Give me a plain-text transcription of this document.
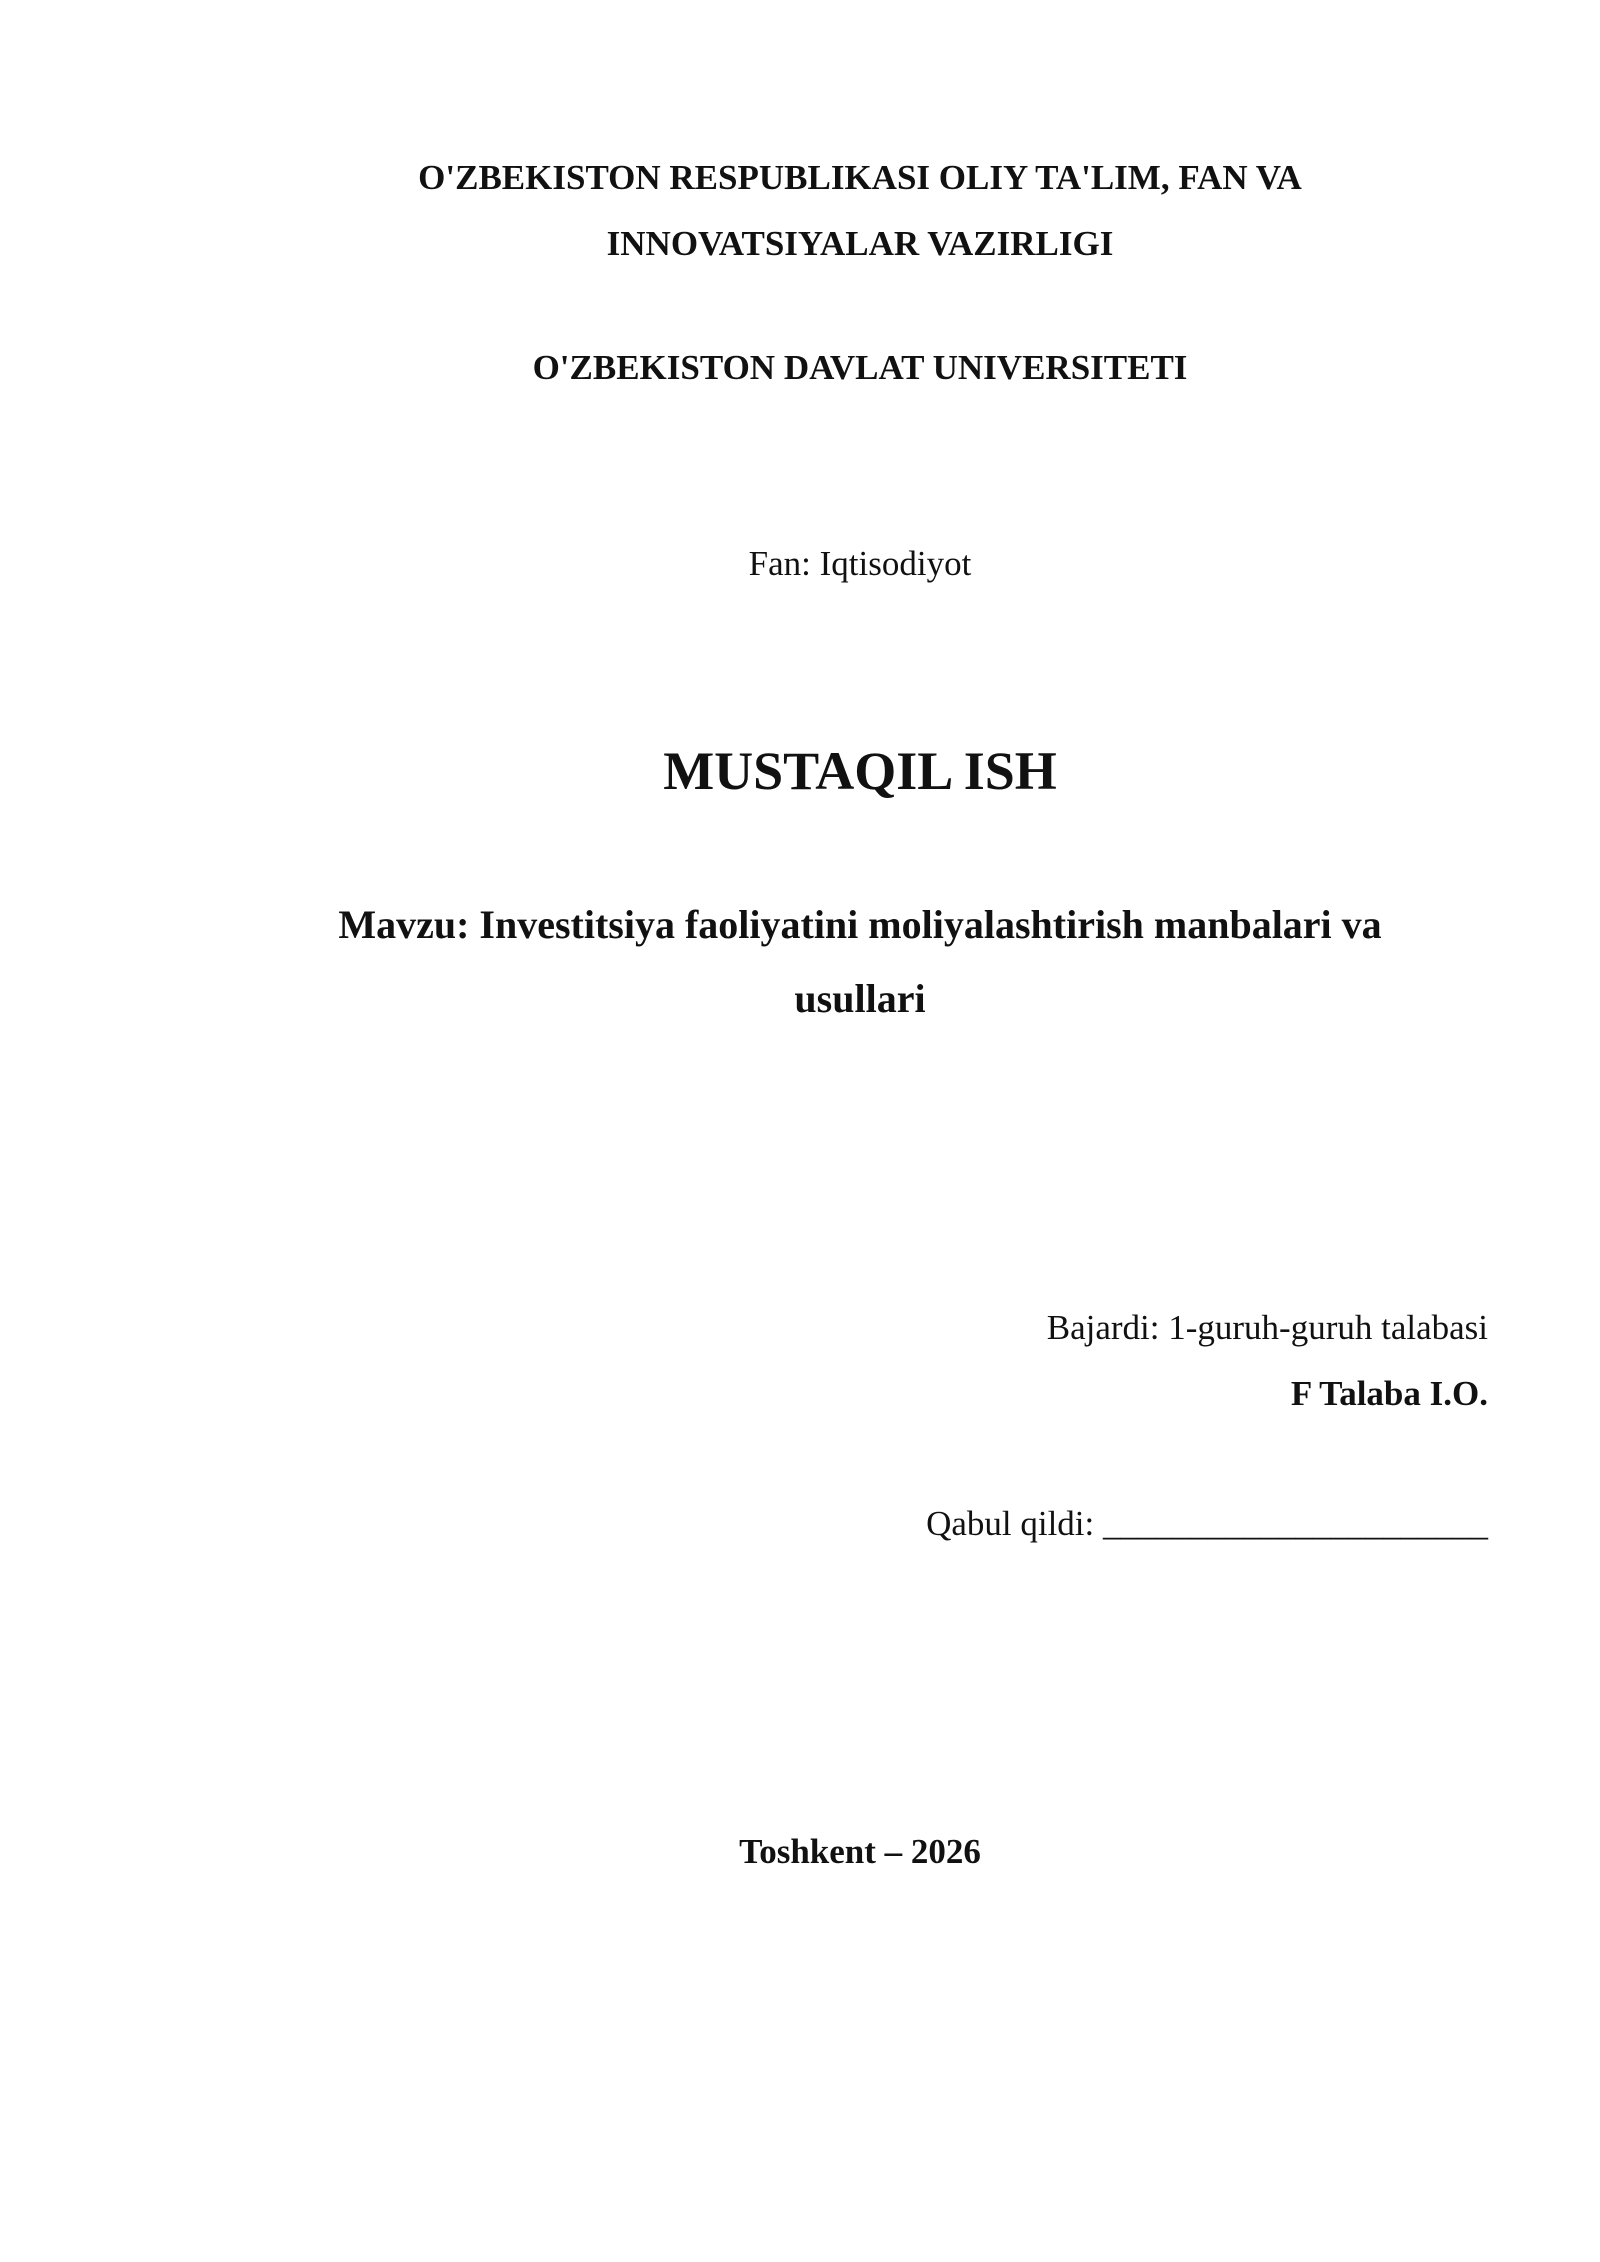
O'ZBEKISTON RESPUBLIKASI OLIY TA'LIM, FAN VA
INNOVATSIYALAR VAZIRLIGI
O'ZBEKISTON DAVLAT UNIVERSITETI
Fan: Iqtisodiyot
MUSTAQIL ISH
Mavzu: Investitsiya faoliyatini moliyalashtirish manbalari va
usullari
Bajardi: 1-guruh-guruh talabasi
F Talaba I.O.
Qabul qildi: ______________________
Toshkent – 2026
